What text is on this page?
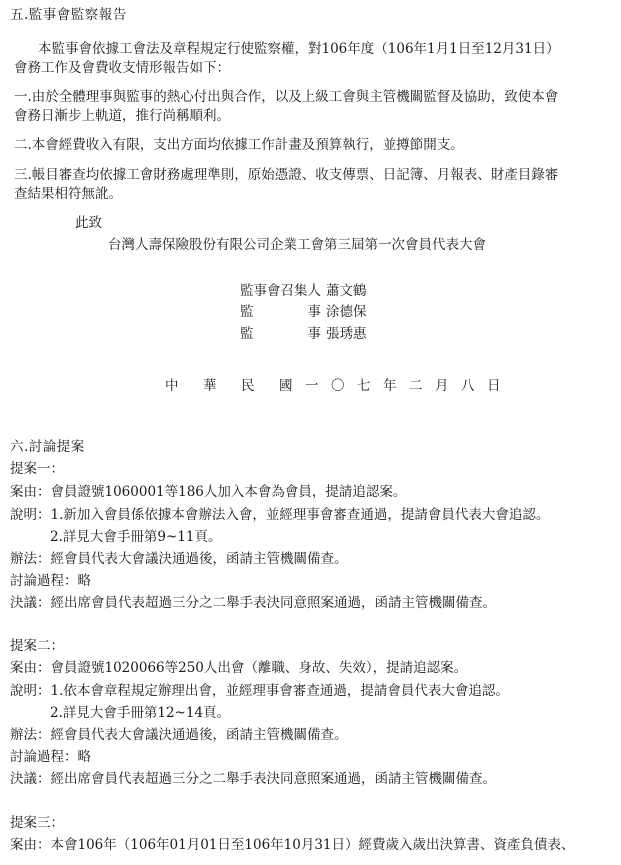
五.監事會監察報告
本監事會依據工會法及章程規定行使監察權，對106年度（106年1月1日至12月31日）
會務工作及會費收支情形報告如下：
一.由於全體理事與監事的熱心付出與合作，以及上級工會與主管機關監督及協助，致使本會
會務日漸步上軌道，推行尚稱順利。
二.本會經費收入有限，支出方面均依據工作計畫及預算執行，並撙節開支。
三.帳目審查均依據工會財務處理準則，原始憑證、收支傳票、日記簿、月報表、財產目錄審
查結果相符無訛。
此致
台灣人壽保險股份有限公司企業工會第三屆第一次會員代表大會
監事會召集人 蕭文鶴
監　　　　事 涂德保
監　　　　事 張琇惠
中 華 民 國 一 〇 七 年 二 月 八 日
六.討論提案
提案一：
案由：會員證號1060001等186人加入本會為會員，提請追認案。
說明：1.新加入會員係依據本會辦法入會，並經理事會審查通過，提請會員代表大會追認。
2.詳見大會手冊第9~11頁。
辦法：經會員代表大會議決通過後，函請主管機關備查。
討論過程：略
決議：經出席會員代表超過三分之二舉手表決同意照案通過，函請主管機關備查。
提案二：
案由：會員證號1020066等250人出會（離職、身故、失效），提請追認案。
說明：1.依本會章程規定辦理出會，並經理事會審查通過，提請會員代表大會追認。
2.詳見大會手冊第12~14頁。
辦法：經會員代表大會議決通過後，函請主管機關備查。
討論過程：略
決議：經出席會員代表超過三分之二舉手表決同意照案通過，函請主管機關備查。
提案三：
案由：本會106年（106年01月01日至106年10月31日）經費歲入歲出決算書、資產負債表、
